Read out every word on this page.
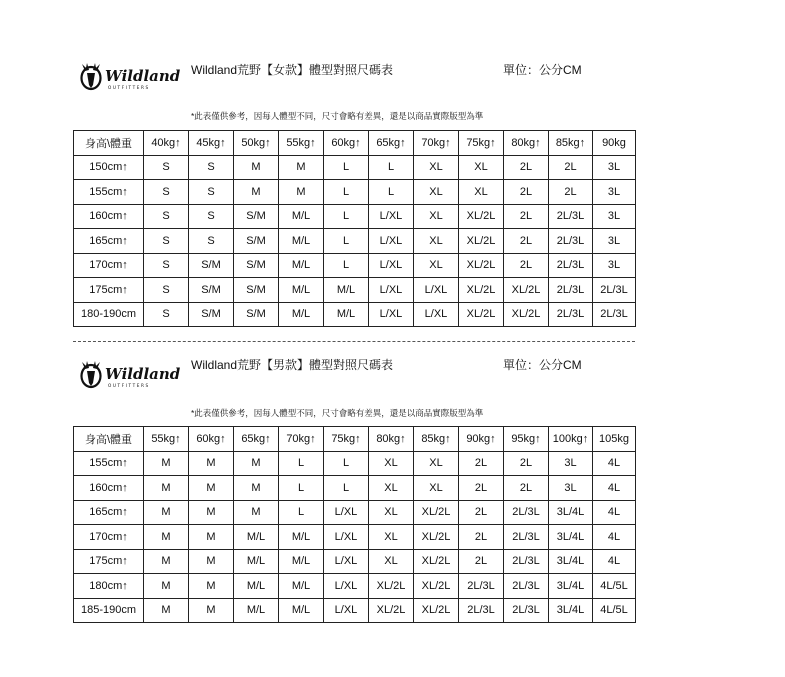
Wildland
OUTFITTERS
Wildland荒野【女款】體型對照尺碼表	單位：公分CM
*此表僅供參考，因每人體型不同，尺寸會略有差異，還是以商品實際版型為準
身高\體重	40kg↑	45kg↑	50kg↑	55kg↑	60kg↑	65kg↑	70kg↑	75kg↑	80kg↑	85kg↑	90kg
150cm↑	S	S	M	M	L	L	XL	XL	2L	2L	3L
155cm↑	S	S	M	M	L	L	XL	XL	2L	2L	3L
160cm↑	S	S	S/M	M/L	L	L/XL	XL	XL/2L	2L	2L/3L	3L
165cm↑	S	S	S/M	M/L	L	L/XL	XL	XL/2L	2L	2L/3L	3L
170cm↑	S	S/M	S/M	M/L	L	L/XL	XL	XL/2L	2L	2L/3L	3L
175cm↑	S	S/M	S/M	M/L	M/L	L/XL	L/XL	XL/2L	XL/2L	2L/3L	2L/3L
180-190cm	S	S/M	S/M	M/L	M/L	L/XL	L/XL	XL/2L	XL/2L	2L/3L	2L/3L
Wildland
OUTFITTERS
Wildland荒野【男款】體型對照尺碼表	單位：公分CM
*此表僅供參考，因每人體型不同，尺寸會略有差異，還是以商品實際版型為準
身高\體重	55kg↑	60kg↑	65kg↑	70kg↑	75kg↑	80kg↑	85kg↑	90kg↑	95kg↑	100kg↑	105kg
155cm↑	M	M	M	L	L	XL	XL	2L	2L	3L	4L
160cm↑	M	M	M	L	L	XL	XL	2L	2L	3L	4L
165cm↑	M	M	M	L	L/XL	XL	XL/2L	2L	2L/3L	3L/4L	4L
170cm↑	M	M	M/L	M/L	L/XL	XL	XL/2L	2L	2L/3L	3L/4L	4L
175cm↑	M	M	M/L	M/L	L/XL	XL	XL/2L	2L	2L/3L	3L/4L	4L
180cm↑	M	M	M/L	M/L	L/XL	XL/2L	XL/2L	2L/3L	2L/3L	3L/4L	4L/5L
185-190cm	M	M	M/L	M/L	L/XL	XL/2L	XL/2L	2L/3L	2L/3L	3L/4L	4L/5L
